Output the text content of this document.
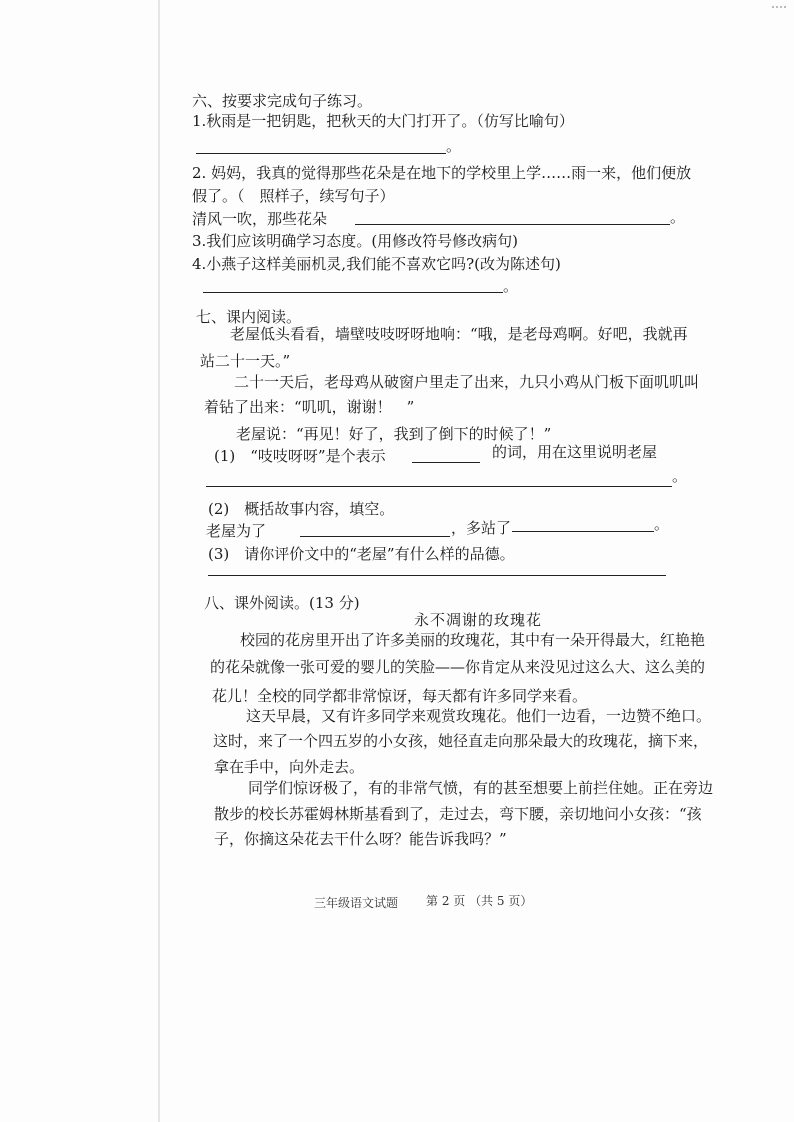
六、按要求完成句子练习。
1.秋雨是一把钥匙，把秋天的大门打开了。（仿写比喻句）
。
2. 妈妈，我真的觉得那些花朵是在地下的学校里上学……雨一来，他们便放
假了。（　照样子，续写句子）
清风一吹，那些花朵	。
3.我们应该明确学习态度。(用修改符号修改病句)
4.小燕子这样美丽机灵,我们能不喜欢它吗?(改为陈述句)
。
七、课内阅读。
老屋低头看看，墙壁吱吱呀呀地响：“哦，是老母鸡啊。好吧，我就再
站二十一天。”
二十一天后，老母鸡从破窗户里走了出来，九只小鸡从门板下面叽叽叫
着钻了出来：“叽叽，谢谢！　”
老屋说：“再见！好了，我到了倒下的时候了！”
(1)　“吱吱呀呀”是个表示	的词，用在这里说明老屋
。
(2)　概括故事内容，填空。
老屋为了	，多站了	。
(3)　请你评价文中的“老屋”有什么样的品德。
八、课外阅读。(13 分)
永不凋谢的玫瑰花
校园的花房里开出了许多美丽的玫瑰花，其中有一朵开得最大，红艳艳
的花朵就像一张可爱的婴儿的笑脸——你肯定从来没见过这么大、这么美的
花儿！全校的同学都非常惊讶，每天都有许多同学来看。
这天早晨，又有许多同学来观赏玫瑰花。他们一边看，一边赞不绝口。
这时，来了一个四五岁的小女孩，她径直走向那朵最大的玫瑰花，摘下来，
拿在手中，向外走去。
同学们惊讶极了，有的非常气愤，有的甚至想要上前拦住她。正在旁边
散步的校长苏霍姆林斯基看到了，走过去，弯下腰，亲切地问小女孩：“孩
子，你摘这朵花去干什么呀？能告诉我吗？”
三年级语文试题 第 2 页 （共 5 页）
